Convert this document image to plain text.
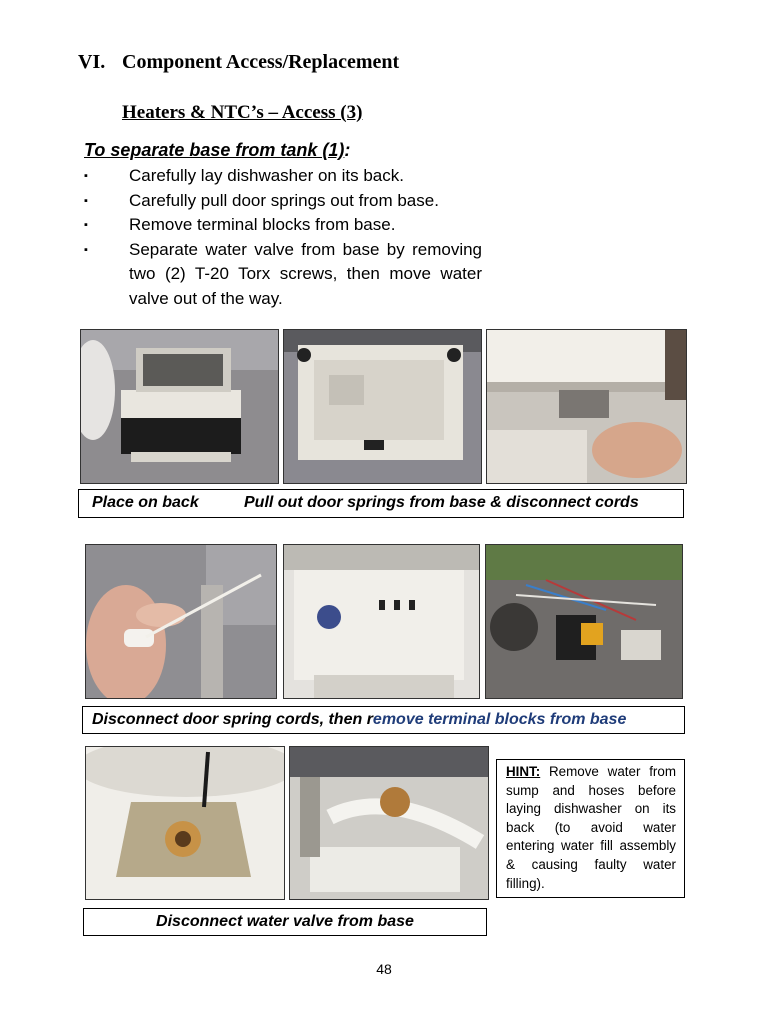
VI. Component Access/Replacement
Heaters & NTC’s – Access (3)
To separate base from tank (1):
▪ Carefully lay dishwasher on its back.
▪ Carefully pull door springs out from base.
▪ Remove terminal blocks from base.
▪ Separate water valve from base by removing two (2) T-20 Torx screws, then move water valve out of the way.
Place on back	Pull out door springs from base & disconnect cords
Disconnect door spring cords, then remove terminal blocks from base
HINT: Remove water from sump and hoses before laying dishwasher on its back (to avoid water entering water fill assembly & causing faulty water filling).
Disconnect water valve from base
48
